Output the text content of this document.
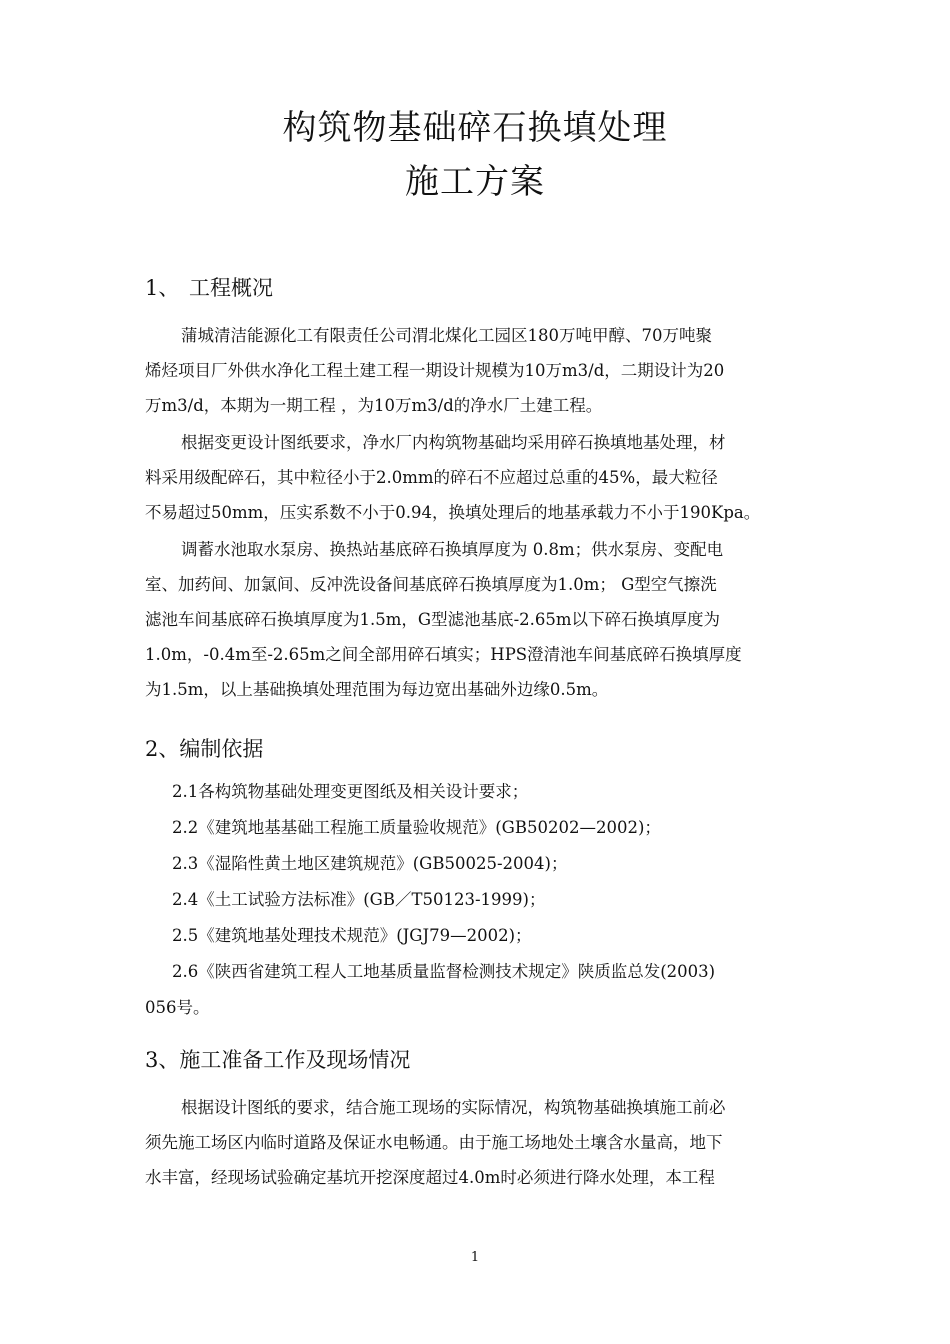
构筑物基础碎石换填处理
施工方案
1、 工程概况
蒲城清洁能源化工有限责任公司渭北煤化工园区180万吨甲醇、70万吨聚
烯烃项目厂外供水净化工程土建工程一期设计规模为10万m3/d，二期设计为20
万m3/d，本期为一期工程 ，为10万m3/d的净水厂土建工程。
根据变更设计图纸要求，净水厂内构筑物基础均采用碎石换填地基处理，材
料采用级配碎石，其中粒径小于2.0mm的碎石不应超过总重的45%，最大粒径
不易超过50mm，压实系数不小于0.94，换填处理后的地基承载力不小于190Kpa。
调蓄水池取水泵房、换热站基底碎石换填厚度为 0.8m；供水泵房、变配电
室、加药间、加氯间、反冲洗设备间基底碎石换填厚度为1.0m； G型空气擦洗
滤池车间基底碎石换填厚度为1.5m，G型滤池基底-2.65m以下碎石换填厚度为
1.0m，-0.4m至-2.65m之间全部用碎石填实；HPS澄清池车间基底碎石换填厚度
为1.5m，以上基础换填处理范围为每边宽出基础外边缘0.5m。
2、编制依据
2.1各构筑物基础处理变更图纸及相关设计要求；
2.2《建筑地基基础工程施工质量验收规范》(GB50202—2002)；
2.3《湿陷性黄土地区建筑规范》(GB50025-2004)；
2.4《土工试验方法标准》(GB／T50123-1999)；
2.5《建筑地基处理技术规范》(JGJ79—2002)；
2.6《陕西省建筑工程人工地基质量监督检测技术规定》陕质监总发(2003)
056号。
3、施工准备工作及现场情况
根据设计图纸的要求，结合施工现场的实际情况，构筑物基础换填施工前必
须先施工场区内临时道路及保证水电畅通。由于施工场地处土壤含水量高，地下
水丰富，经现场试验确定基坑开挖深度超过4.0m时必须进行降水处理，本工程
1
